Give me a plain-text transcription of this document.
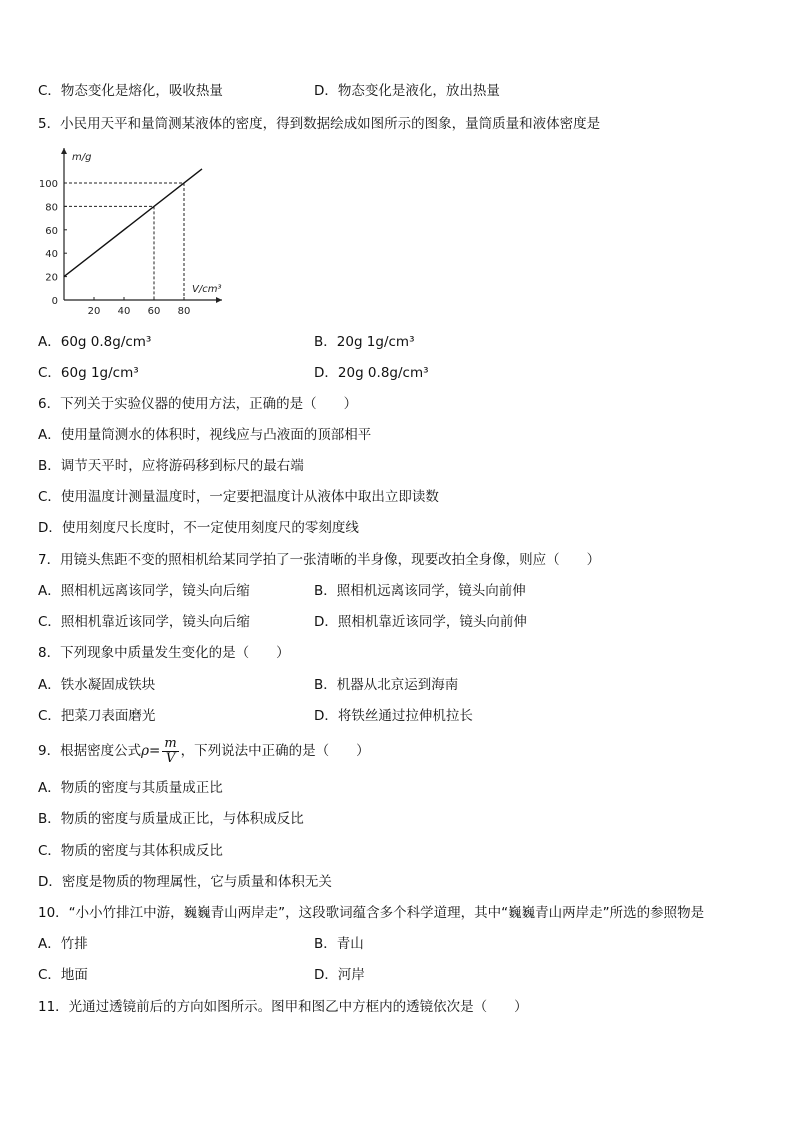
C．物态变化是熔化，吸收热量	D．物态变化是液化，放出热量
5．小民用天平和量筒测某液体的密度，得到数据绘成如图所示的图象，量筒质量和液体密度是
m/g
V/cm³
0
20
40
60
80
100
20 40 60 80
A．60g 0.8g/cm³	B．20g 1g/cm³
C．60g 1g/cm³	D．20g 0.8g/cm³
6．下列关于实验仪器的使用方法，正确的是（　　）
A．使用量筒测水的体积时，视线应与凸液面的顶部相平
B．调节天平时，应将游码移到标尺的最右端
C．使用温度计测量温度时，一定要把温度计从液体中取出立即读数
D．使用刻度尺长度时，不一定使用刻度尺的零刻度线
7．用镜头焦距不变的照相机给某同学拍了一张清晰的半身像，现要改拍全身像，则应（　　）
A．照相机远离该同学，镜头向后缩	B．照相机远离该同学，镜头向前伸
C．照相机靠近该同学，镜头向后缩	D．照相机靠近该同学，镜头向前伸
8．下列现象中质量发生变化的是（　　）
A．铁水凝固成铁块	B．机器从北京运到海南
C．把菜刀表面磨光	D．将铁丝通过拉伸机拉长
9．根据密度公式$\rho= \frac{m}{V}$ ，下列说法中正确的是（　　）
A．物质的密度与其质量成正比
B．物质的密度与质量成正比，与体积成反比
C．物质的密度与其体积成反比
D．密度是物质的物理属性，它与质量和体积无关
10．“小小竹排江中游，巍巍青山两岸走”，这段歌词蕴含多个科学道理，其中“巍巍青山两岸走”所选的参照物是
A．竹排	B．青山
C．地面	D．河岸
11．光通过透镜前后的方向如图所示。图甲和图乙中方框内的透镜依次是（　　）
